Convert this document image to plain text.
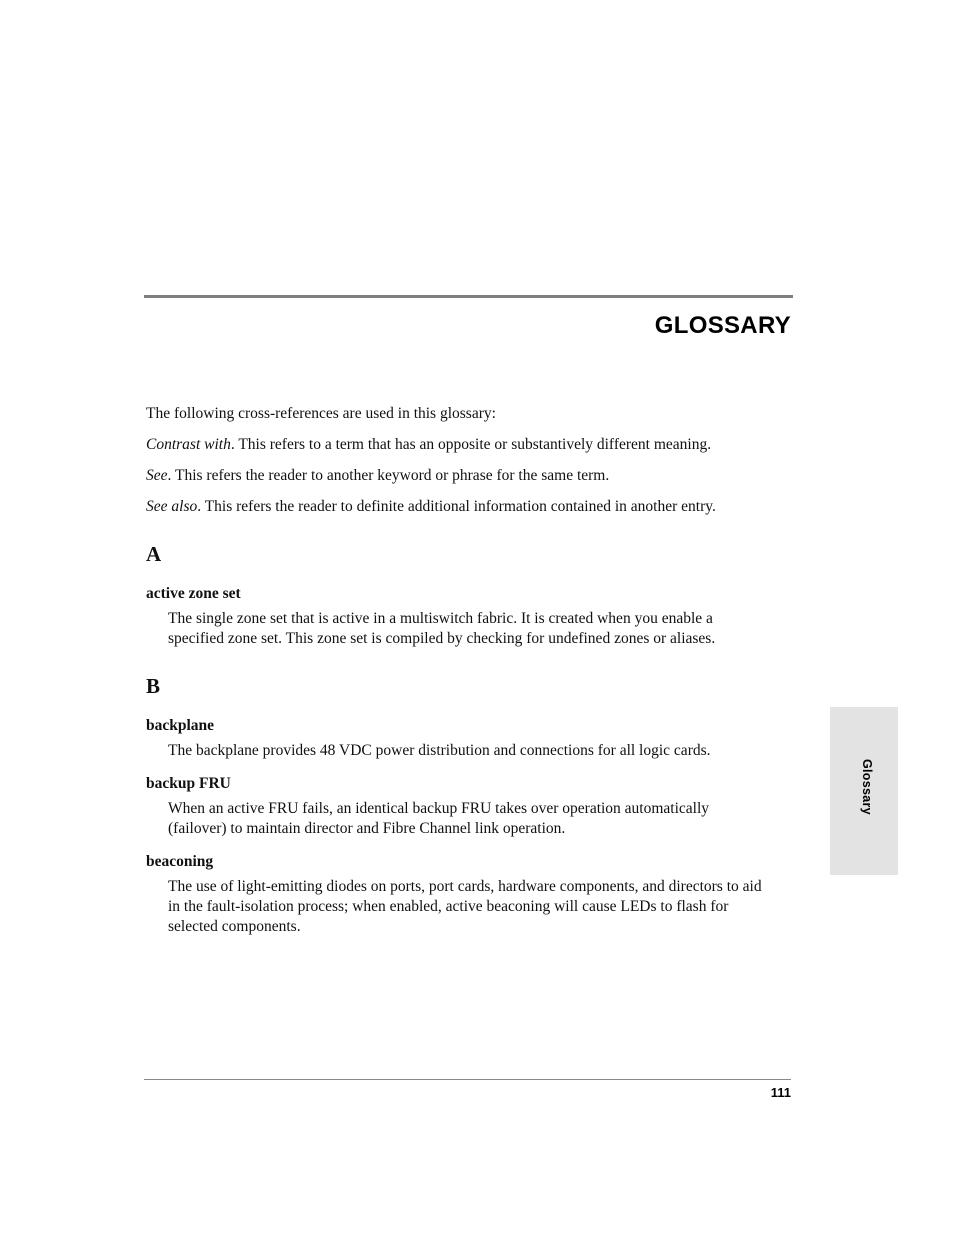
GLOSSARY

The following cross-references are used in this glossary:

Contrast with. This refers to a term that has an opposite or substantively different meaning.

See. This refers the reader to another keyword or phrase for the same term.

See also. This refers the reader to definite additional information contained in another entry.

A
active zone set
The single zone set that is active in a multiswitch fabric. It is created when you enable a specified zone set. This zone set is compiled by checking for undefined zones or aliases.
B
backplane
The backplane provides 48 VDC power distribution and connections for all logic cards.
backup FRU
When an active FRU fails, an identical backup FRU takes over operation automatically (failover) to maintain director and Fibre Channel link operation.
beaconing
The use of light-emitting diodes on ports, port cards, hardware components, and directors to aid in the fault-isolation process; when enabled, active beaconing will cause LEDs to flash for selected components.
Glossary
111
